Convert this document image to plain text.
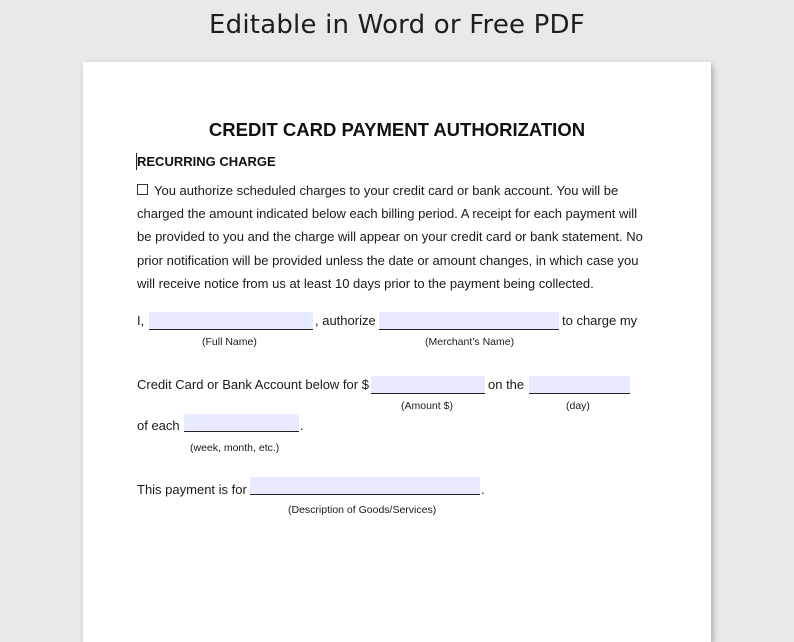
Editable in Word or Free PDF
CREDIT CARD PAYMENT AUTHORIZATION
RECURRING CHARGE
You authorize scheduled charges to your credit card or bank account. You will be
charged the amount indicated below each billing period. A receipt for each payment will
be provided to you and the charge will appear on your credit card or bank statement. No
prior notification will be provided unless the date or amount changes, in which case you
will receive notice from us at least 10 days prior to the payment being collected.
I,	, authorize	to charge my
(Full Name)	(Merchant’s Name)
Credit Card or Bank Account below for $	on the
(Amount $)	(day)
of each	.
(week, month, etc.)
This payment is for	.
(Description of Goods/Services)
